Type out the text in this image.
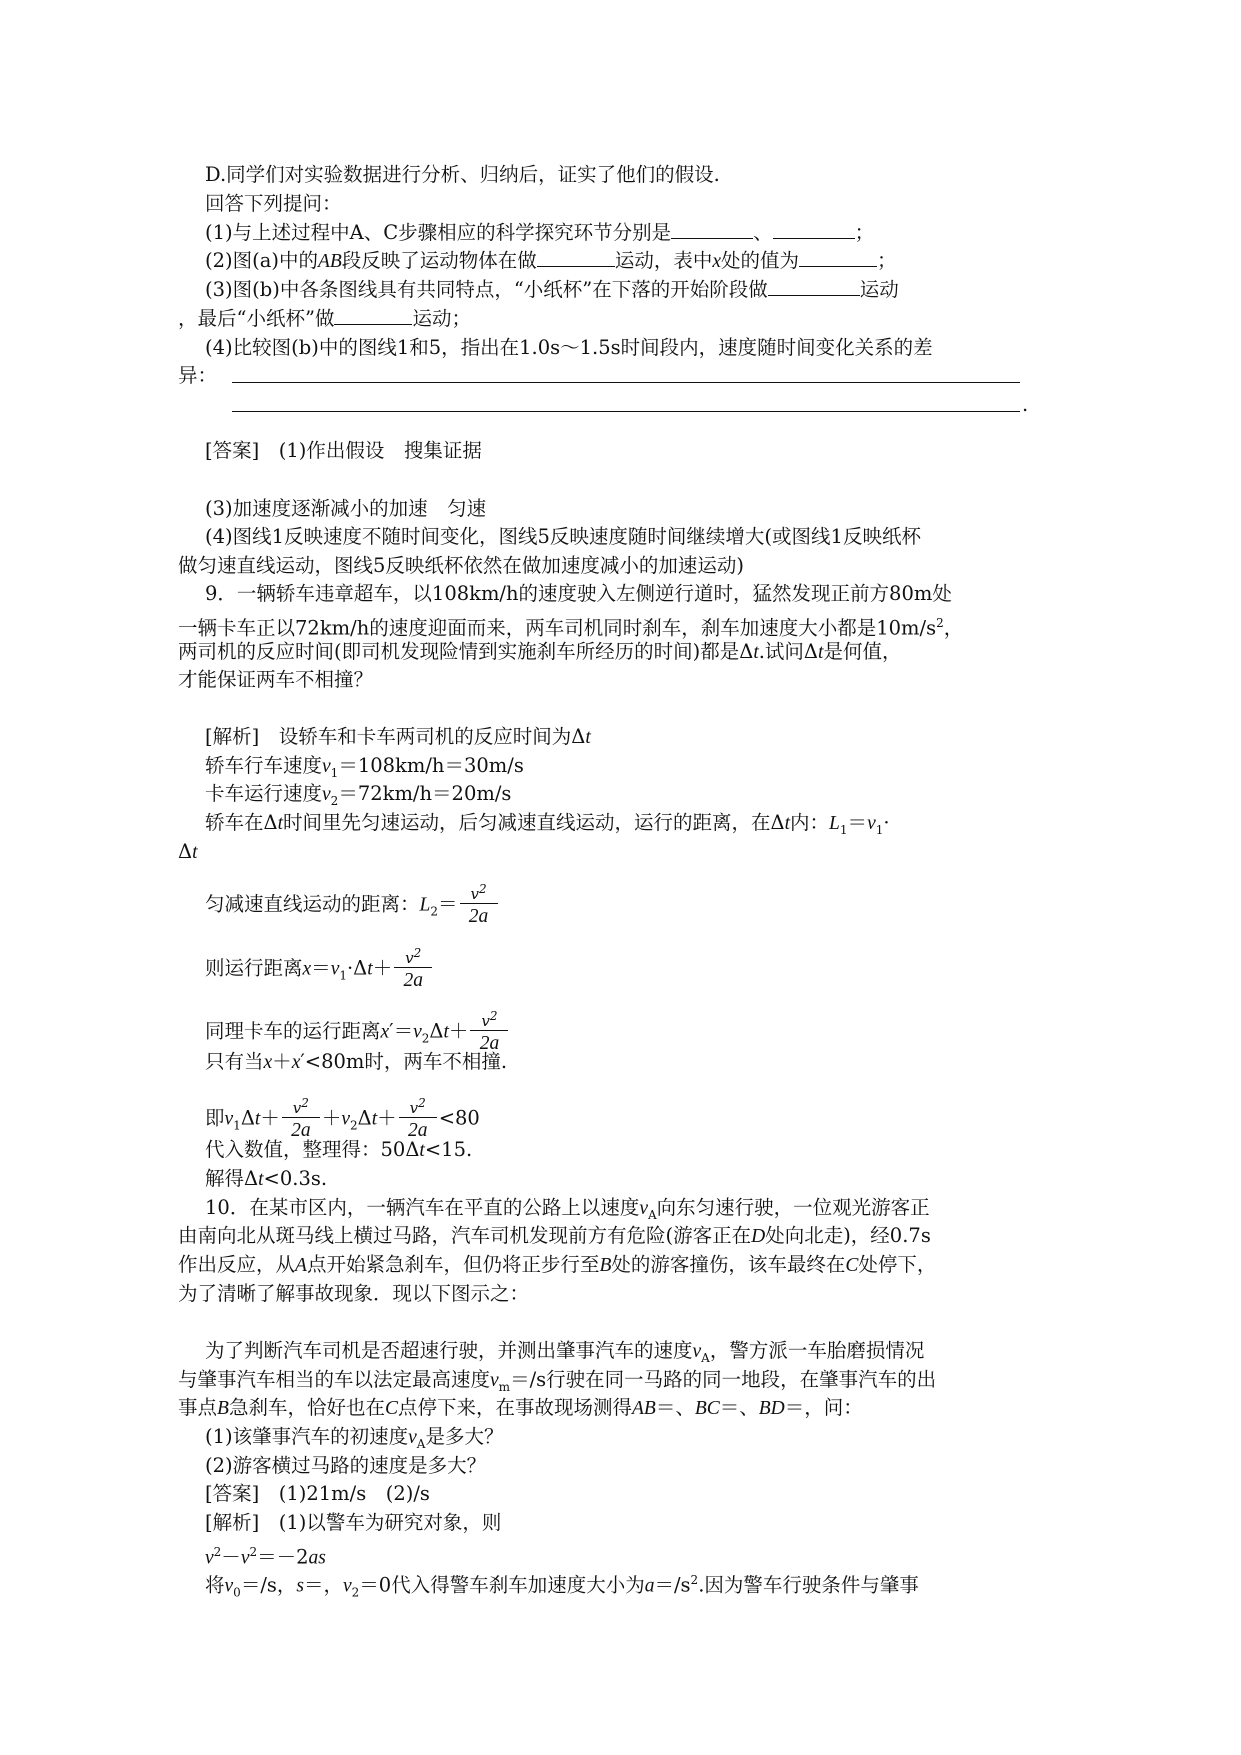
D.同学们对实验数据进行分析、归纳后，证实了他们的假设.
回答下列提问：
(1)与上述过程中A、C步骤相应的科学探究环节分别是	、	；
(2)图(a)中的AB段反映了运动物体在做	运动，表中x处的值为	；
(3)图(b)中各条图线具有共同特点，“小纸杯”在下落的开始阶段做	运动
，最后“小纸杯”做	运动；
(4)比较图(b)中的图线1和5，指出在1.0s～1.5s时间段内，速度随时间变化关系的差
异：
.
[答案]　(1)作出假设　搜集证据
(3)加速度逐渐减小的加速　匀速
(4)图线1反映速度不随时间变化，图线5反映速度随时间继续增大(或图线1反映纸杯
做匀速直线运动，图线5反映纸杯依然在做加速度减小的加速运动)
9．一辆轿车违章超车，以108km/h的速度驶入左侧逆行道时，猛然发现正前方80m处
一辆卡车正以72km/h的速度迎面而来，两车司机同时刹车，刹车加速度大小都是$10m/s^2$，
两司机的反应时间(即司机发现险情到实施刹车所经历的时间)都是Δt.试问Δt是何值，
才能保证两车不相撞？
[解析]　设轿车和卡车两司机的反应时间为Δt
轿车行车速度$v_1=108km/h=30m/s$
卡车运行速度$v_2=72km/h=20m/s$
轿车在Δt时间里先匀速运动，后匀减速直线运动，运行的距离，在Δt内：$L_1=v_1\cdot$
Δt
匀减速直线运动的距离：$L_2= \frac{v^2}{2a}$
则运行距离$x=v_1\cdot\Delta t+ \frac{v^2}{2a}$
同理卡车的运行距离$x'=v_2\Delta t+ \frac{v^2}{2a}$
只有当x＋x′<80m时，两车不相撞.
即$v_1\Delta t+ \frac{v^2}{2a} +v_2\Delta t+ \frac{v^2}{2a} <80$
代入数值，整理得：50Δt<15.
解得Δt<0.3s.
10．在某市区内，一辆汽车在平直的公路上以速度$v_A$向东匀速行驶，一位观光游客正
由南向北从斑马线上横过马路，汽车司机发现前方有危险(游客正在D处向北走)，经0.7s
作出反应，从A点开始紧急刹车，但仍将正步行至B处的游客撞伤，该车最终在C处停下，
为了清晰了解事故现象．现以下图示之：
为了判断汽车司机是否超速行驶，并测出肇事汽车的速度$v_A$，警方派一车胎磨损情况
与肇事汽车相当的车以法定最高速度$v_m=/s$行驶在同一马路的同一地段，在肇事汽车的出
事点B急刹车，恰好也在C点停下来，在事故现场测得AB＝、BC＝、BD＝，问：
(1)该肇事汽车的初速度$v_A$是多大？
(2)游客横过马路的速度是多大？
[答案]　(1)21m/s　(2)/s
[解析]　(1)以警车为研究对象，则
$v^2-v^2=-2as$
将$v_0=/s$，s＝，$v_2=0$代入得警车刹车加速度大小为$a=/s^2$.因为警车行驶条件与肇事
